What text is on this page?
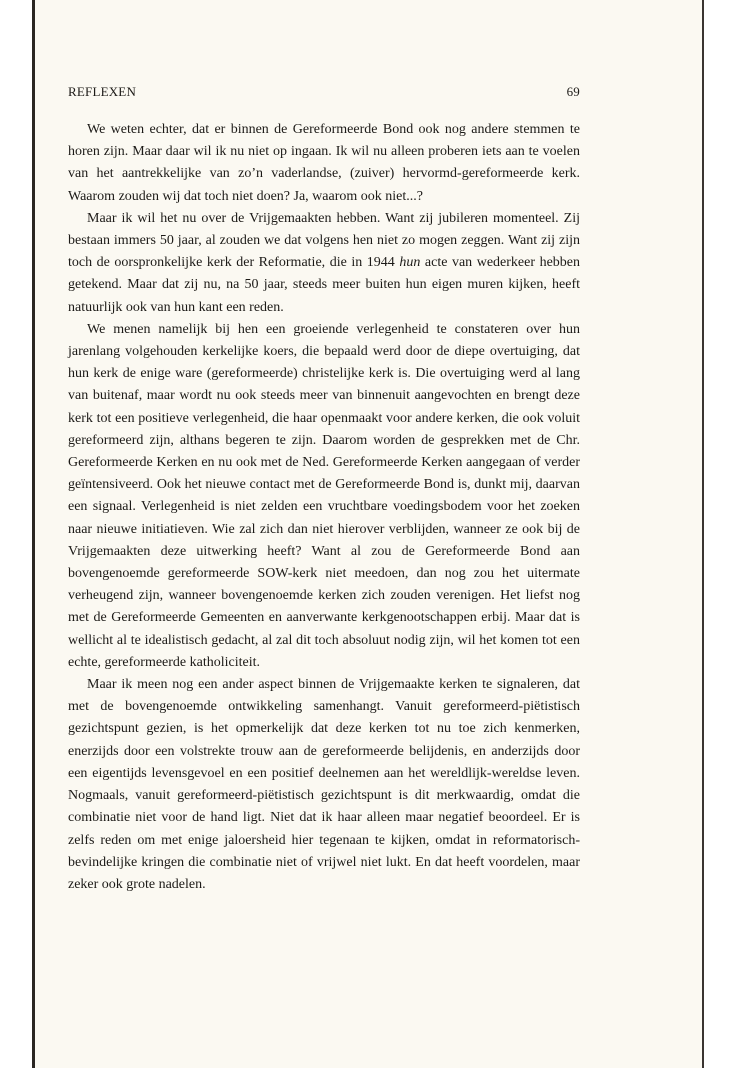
REFLEXEN	69

We weten echter, dat er binnen de Gereformeerde Bond ook nog andere stemmen te horen zijn. Maar daar wil ik nu niet op ingaan. Ik wil nu alleen proberen iets aan te voelen van het aantrekkelijke van zo’n vaderlandse, (zuiver) hervormd-gereformeerde kerk. Waarom zouden wij dat toch niet doen? Ja, waarom ook niet...?

Maar ik wil het nu over de Vrijgemaakten hebben. Want zij jubileren momenteel. Zij bestaan immers 50 jaar, al zouden we dat volgens hen niet zo mogen zeggen. Want zij zijn toch de oorspronkelijke kerk der Reformatie, die in 1944 hun acte van wederkeer hebben getekend. Maar dat zij nu, na 50 jaar, steeds meer buiten hun eigen muren kijken, heeft natuurlijk ook van hun kant een reden.

We menen namelijk bij hen een groeiende verlegenheid te constateren over hun jarenlang volgehouden kerkelijke koers, die bepaald werd door de diepe overtuiging, dat hun kerk de enige ware (gereformeerde) christelijke kerk is. Die overtuiging werd al lang van buitenaf, maar wordt nu ook steeds meer van binnenuit aangevochten en brengt deze kerk tot een positieve verlegenheid, die haar openmaakt voor andere kerken, die ook voluit gereformeerd zijn, althans begeren te zijn. Daarom worden de gesprekken met de Chr. Gereformeerde Kerken en nu ook met de Ned. Gereformeerde Kerken aangegaan of verder geïntensiveerd. Ook het nieuwe contact met de Gereformeerde Bond is, dunkt mij, daarvan een signaal. Verlegenheid is niet zelden een vruchtbare voedingsbodem voor het zoeken naar nieuwe initiatieven. Wie zal zich dan niet hierover verblijden, wanneer ze ook bij de Vrijgemaakten deze uitwerking heeft? Want al zou de Gereformeerde Bond aan bovengenoemde gereformeerde SOW-kerk niet meedoen, dan nog zou het uitermate verheugend zijn, wanneer bovengenoemde kerken zich zouden verenigen. Het liefst nog met de Gereformeerde Gemeenten en aanverwante kerkgenootschappen erbij. Maar dat is wellicht al te idealistisch gedacht, al zal dit toch absoluut nodig zijn, wil het komen tot een echte, gereformeerde katholiciteit.

Maar ik meen nog een ander aspect binnen de Vrijgemaakte kerken te signaleren, dat met de bovengenoemde ontwikkeling samenhangt. Vanuit gereformeerd-piëtistisch gezichtspunt gezien, is het opmerkelijk dat deze kerken tot nu toe zich kenmerken, enerzijds door een volstrekte trouw aan de gereformeerde belijdenis, en anderzijds door een eigentijds levensgevoel en een positief deelnemen aan het wereldlijk-wereldse leven. Nogmaals, vanuit gereformeerd-piëtistisch gezichtspunt is dit merkwaardig, omdat die combinatie niet voor de hand ligt. Niet dat ik haar alleen maar negatief beoordeel. Er is zelfs reden om met enige jaloersheid hier tegenaan te kijken, omdat in reformatorisch-bevindelijke kringen die combinatie niet of vrijwel niet lukt. En dat heeft voordelen, maar zeker ook grote nadelen.
